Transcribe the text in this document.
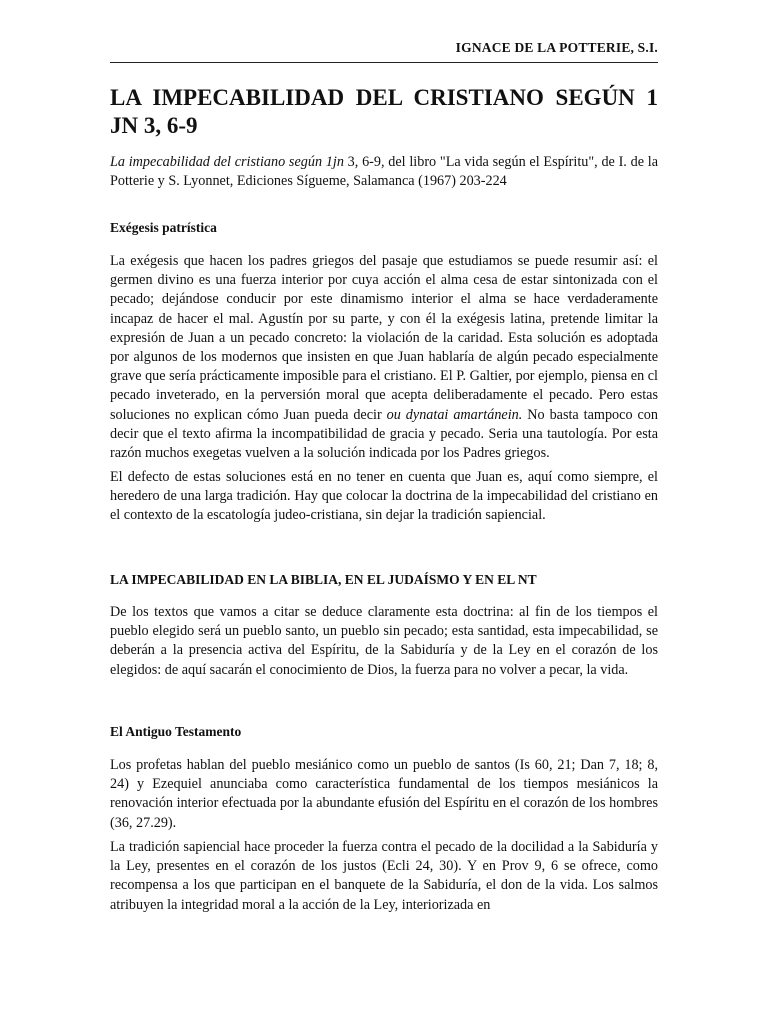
IGNACE DE LA POTTERIE, S.I.
LA IMPECABILIDAD DEL CRISTIANO SEGÚN 1 JN 3, 6-9

La impecabilidad del cristiano según 1jn 3, 6-9, del libro "La vida según el Espíritu", de I. de la Potterie y S. Lyonnet, Ediciones Sígueme, Salamanca (1967) 203-224

Exégesis patrística

La exégesis que hacen los padres griegos del pasaje que estudiamos se puede resumir así: el germen divino es una fuerza interior por cuya acción el alma cesa de estar sintonizada con el pecado; dejándose conducir por este dinamismo interior el alma se hace verdaderamente incapaz de hacer el mal. Agustín por su parte, y con él la exégesis latina, pretende limitar la expresión de Juan a un pecado concreto: la violación de la caridad. Esta solución es adoptada por algunos de los modernos que insisten en que Juan hablaría de algún pecado especialmente grave que sería prácticamente imposible para el cristiano. El P. Galtier, por ejemplo, piensa en cl pecado inveterado, en la perversión moral que acepta deliberadamente el pecado. Pero estas soluciones no explican cómo Juan pueda decir ou dynatai amartánein. No basta tampoco con decir que el texto afirma la incompatibilidad de gracia y pecado. Seria una tautología. Por esta razón muchos exegetas vuelven a la solución indicada por los Padres griegos.

El defecto de estas soluciones está en no tener en cuenta que Juan es, aquí como siempre, el heredero de una larga tradición. Hay que colocar la doctrina de la impecabilidad del cristiano en el contexto de la escatología judeo-cristiana, sin dejar la tradición sapiencial.

LA IMPECABILIDAD EN LA BIBLIA, EN EL JUDAÍSMO Y EN EL NT

De los textos que vamos a citar se deduce claramente esta doctrina: al fin de los tiempos el pueblo elegido será un pueblo santo, un pueblo sin pecado; esta santidad, esta impecabilidad, se deberán a la presencia activa del Espíritu, de la Sabiduría y de la Ley en el corazón de los elegidos: de aquí sacarán el conocimiento de Dios, la fuerza para no volver a pecar, la vida.

El Antiguo Testamento

Los profetas hablan del pueblo mesiánico como un pueblo de santos (Is 60, 21; Dan 7, 18; 8, 24) y Ezequiel anunciaba como característica fundamental de los tiempos mesiánicos la renovación interior efectuada por la abundante efusión del Espíritu en el corazón de los hombres (36, 27.29).

La tradición sapiencial hace proceder la fuerza contra el pecado de la docilidad a la Sabiduría y la Ley, presentes en el corazón de los justos (Ecli 24, 30). Y en Prov 9, 6 se ofrece, como recompensa a los que participan en el banquete de la Sabiduría, el don de la vida. Los salmos atribuyen la integridad moral a la acción de la Ley, interiorizada en
